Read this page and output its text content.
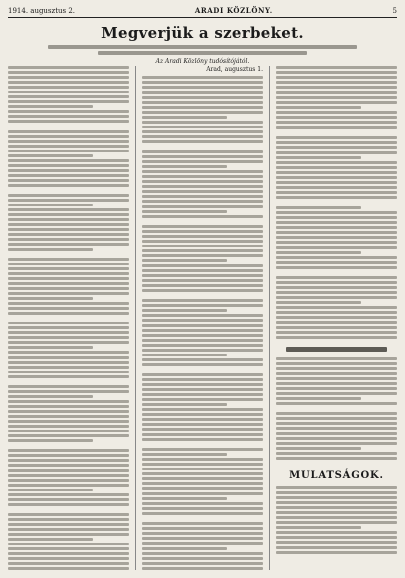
1914. augusztus 2.	ARADI KÖZLÖNY.	5
Megverjük a szerbeket.
Az Aradi Közlöny tudósítójától.
Arad, augusztus 1.
MULATSÁGOK.
